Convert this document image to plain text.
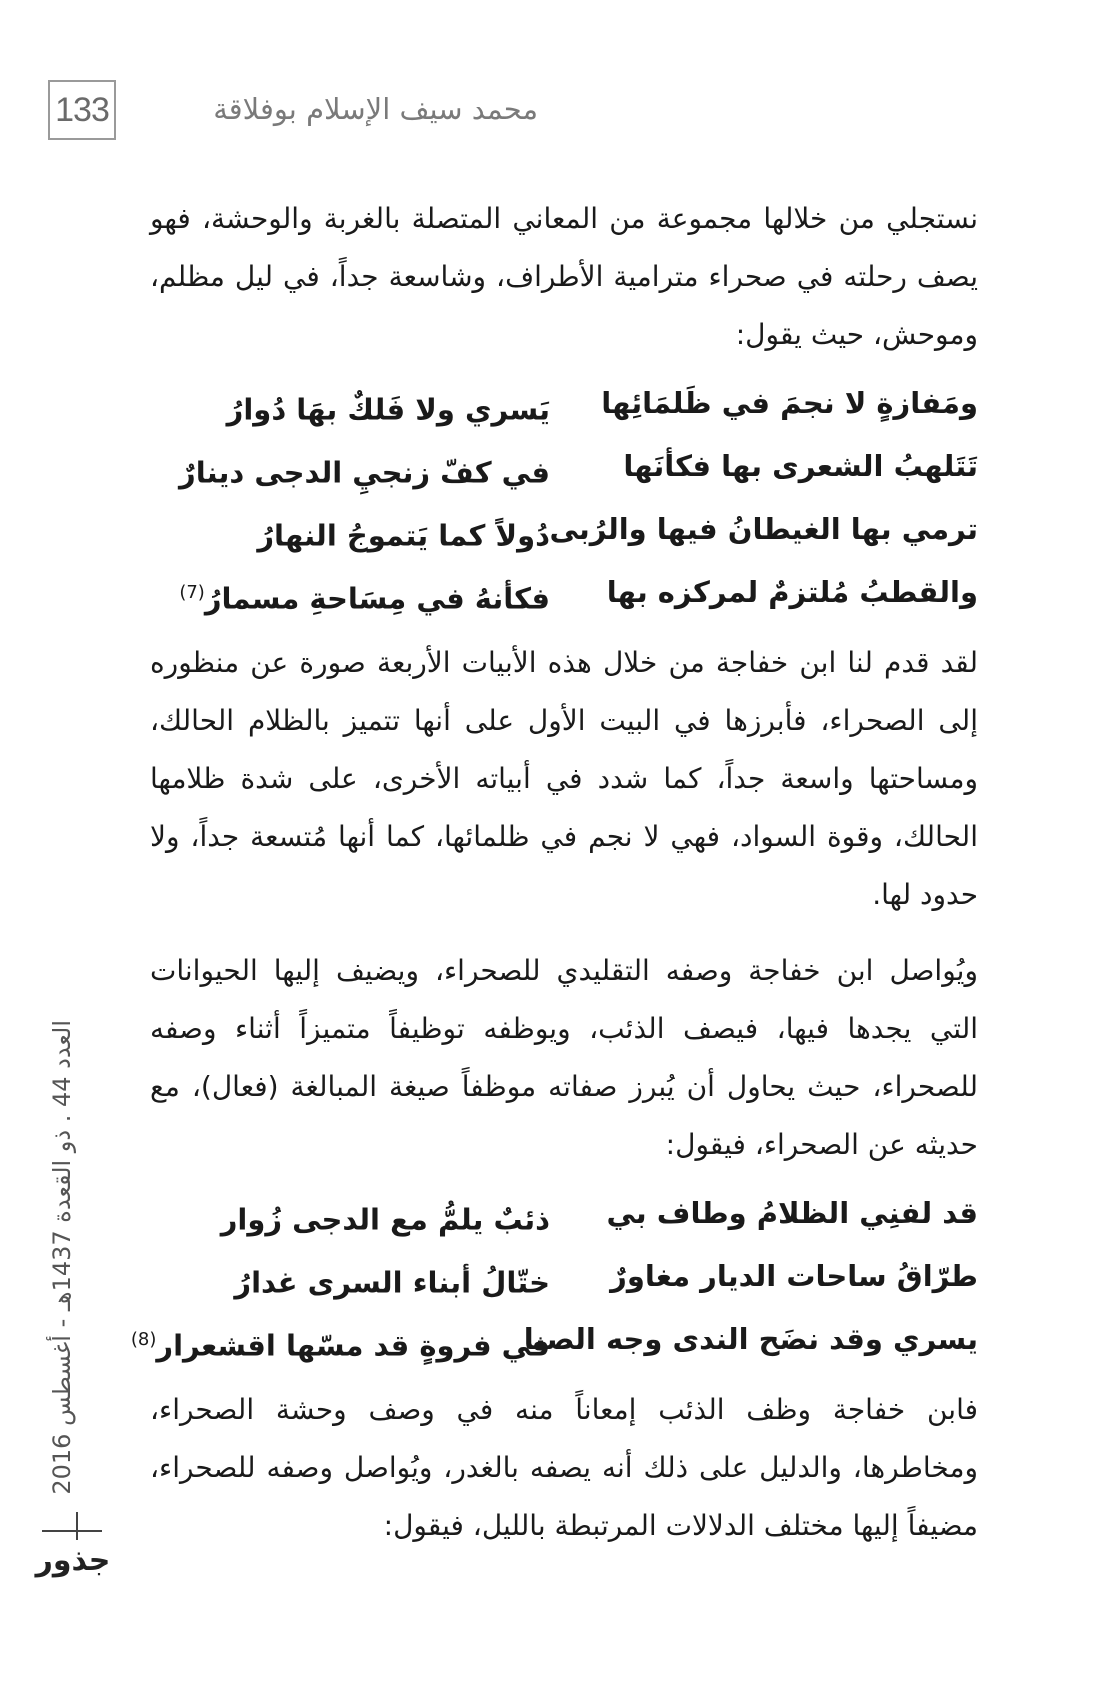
133	محمد سيف الإسلام بوفلاقة
العدد 44 . ذو القعدة 1437هـ - أغسطس 2016
جذور

نستجلي من خلالها مجموعة من المعاني المتصلة بالغربة والوحشة، فهو يصف رحلته في صحراء مترامية الأطراف، وشاسعة جداً، في ليل مظلم، وموحش، حيث يقول:

ومَفازةٍ لا نجمَ في ظَلمَائِها
يَسري ولا فَلكٌ بهَا دُوارُ
تَتَلهبُ الشعرى بها فكأنَها
في كفّ زنجيِ الدجى دينارٌ
ترمي بها الغيطانُ فيها والرُبى
دُولاً كما يَتموجُ النهارُ
والقطبُ مُلتزمٌ لمركزه بها
فكأنهُ في مِسَاحةِ مسمارُ$^{(7)}$

لقد قدم لنا ابن خفاجة من خلال هذه الأبيات الأربعة صورة عن منظوره إلى الصحراء، فأبرزها في البيت الأول على أنها تتميز بالظلام الحالك، ومساحتها واسعة جداً، كما شدد في أبياته الأخرى، على شدة ظلامها الحالك، وقوة السواد، فهي لا نجم في ظلمائها، كما أنها مُتسعة جداً، ولا حدود لها.

ويُواصل ابن خفاجة وصفه التقليدي للصحراء، ويضيف إليها الحيوانات التي يجدها فيها، فيصف الذئب، ويوظفه توظيفاً متميزاً أثناء وصفه للصحراء، حيث يحاول أن يُبرز صفاته موظفاً صيغة المبالغة (فعال)، مع حديثه عن الصحراء، فيقول:

قد لفنِي الظلامُ وطاف بي
ذئبٌ يلمُّ مع الدجى زُوار
طرّاقُ ساحات الديار مغاورٌ
ختّالُ أبناء السرى غدارُ
يسري وقد نضَح الندى وجه الصبا
في فروةٍ قد مسّها اقشعرار$^{(8)}$

فابن خفاجة وظف الذئب إمعاناً منه في وصف وحشة الصحراء، ومخاطرها، والدليل على ذلك أنه يصفه بالغدر، ويُواصل وصفه للصحراء، مضيفاً إليها مختلف الدلالات المرتبطة بالليل، فيقول:
